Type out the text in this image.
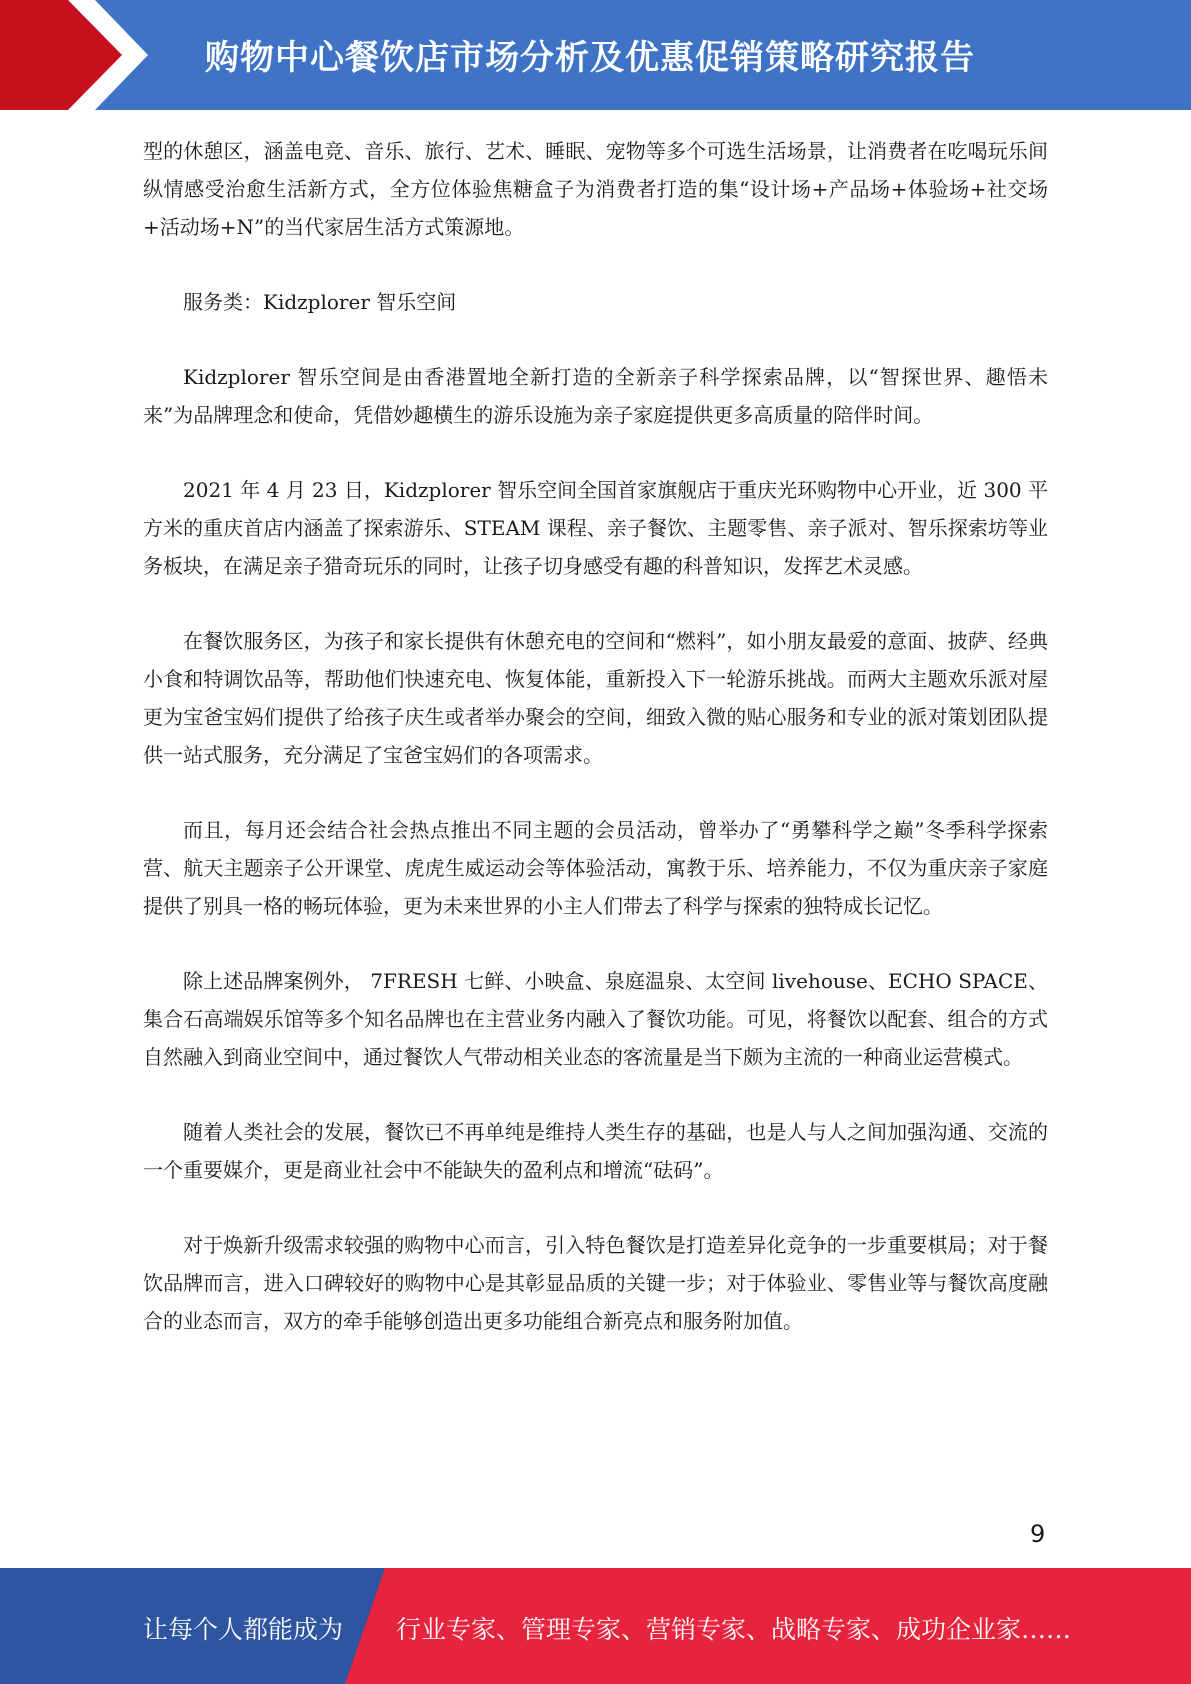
购物中心餐饮店市场分析及优惠促销策略研究报告

型的休憩区，涵盖电竞、音乐、旅行、艺术、睡眠、宠物等多个可选生活场景，让消费者在吃喝玩乐间纵情感受治愈生活新方式，全方位体验焦糖盒子为消费者打造的集“设计场+产品场+体验场+社交场+活动场+N”的当代家居生活方式策源地。

服务类：Kidzplorer 智乐空间

Kidzplorer 智乐空间是由香港置地全新打造的全新亲子科学探索品牌，以“智探世界、趣悟未来”为品牌理念和使命，凭借妙趣横生的游乐设施为亲子家庭提供更多高质量的陪伴时间。

2021 年 4 月 23 日，Kidzplorer 智乐空间全国首家旗舰店于重庆光环购物中心开业，近 300 平方米的重庆首店内涵盖了探索游乐、STEAM 课程、亲子餐饮、主题零售、亲子派对、智乐探索坊等业务板块，在满足亲子猎奇玩乐的同时，让孩子切身感受有趣的科普知识，发挥艺术灵感。

在餐饮服务区，为孩子和家长提供有休憩充电的空间和“燃料”，如小朋友最爱的意面、披萨、经典小食和特调饮品等，帮助他们快速充电、恢复体能，重新投入下一轮游乐挑战。而两大主题欢乐派对屋更为宝爸宝妈们提供了给孩子庆生或者举办聚会的空间，细致入微的贴心服务和专业的派对策划团队提供一站式服务，充分满足了宝爸宝妈们的各项需求。

而且，每月还会结合社会热点推出不同主题的会员活动，曾举办了“勇攀科学之巅”冬季科学探索营、航天主题亲子公开课堂、虎虎生威运动会等体验活动，寓教于乐、培养能力，不仅为重庆亲子家庭提供了别具一格的畅玩体验，更为未来世界的小主人们带去了科学与探索的独特成长记忆。

除上述品牌案例外， 7FRESH 七鲜、小映盒、泉庭温泉、太空间 livehouse、ECHO SPACE、集合石高端娱乐馆等多个知名品牌也在主营业务内融入了餐饮功能。可见，将餐饮以配套、组合的方式自然融入到商业空间中，通过餐饮人气带动相关业态的客流量是当下颇为主流的一种商业运营模式。

随着人类社会的发展，餐饮已不再单纯是维持人类生存的基础，也是人与人之间加强沟通、交流的一个重要媒介，更是商业社会中不能缺失的盈利点和增流“砝码”。

对于焕新升级需求较强的购物中心而言，引入特色餐饮是打造差异化竞争的一步重要棋局；对于餐饮品牌而言，进入口碑较好的购物中心是其彰显品质的关键一步；对于体验业、零售业等与餐饮高度融合的业态而言，双方的牵手能够创造出更多功能组合新亮点和服务附加值。

9
让每个人都能成为 行业专家、管理专家、营销专家、战略专家、成功企业家……
